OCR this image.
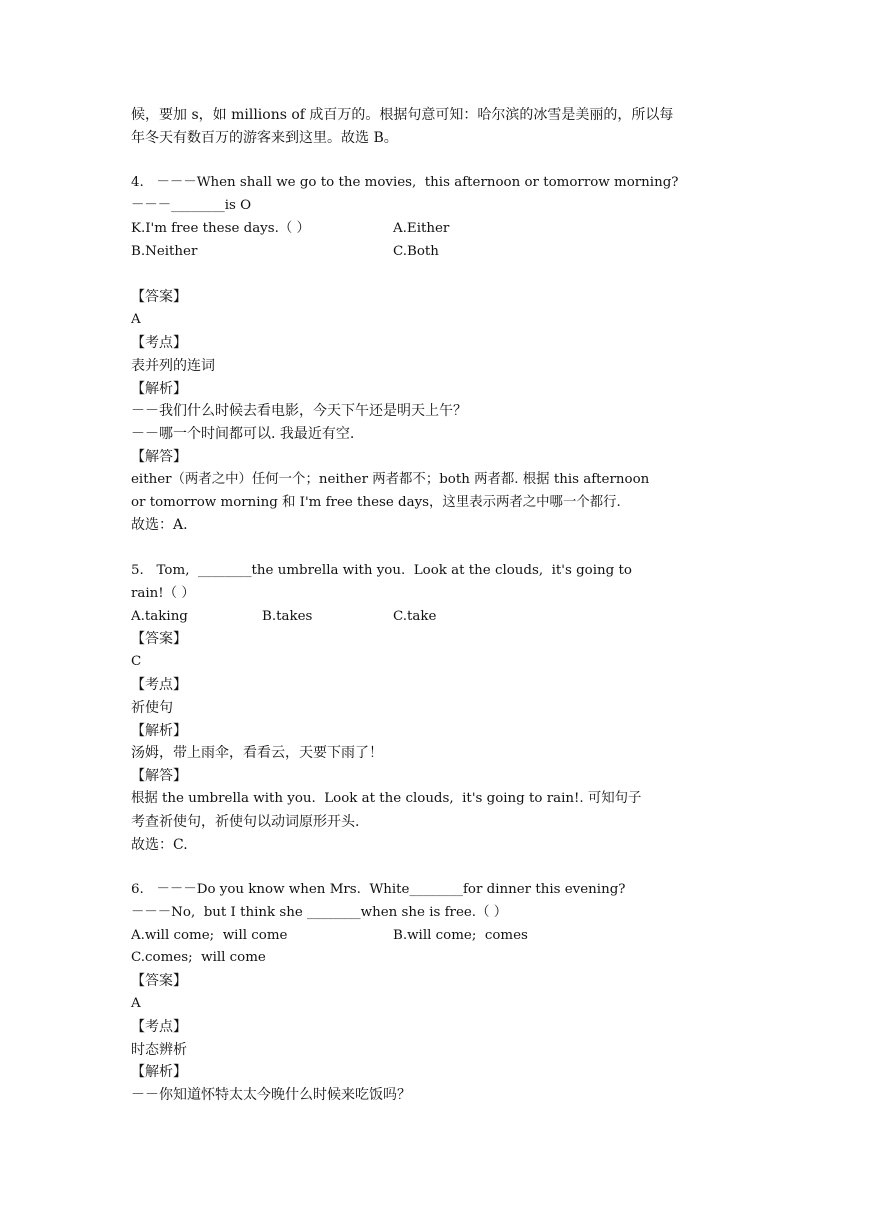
候，要加 s，如 millions of 成百万的。根据句意可知：哈尔滨的冰雪是美丽的，所以每
年冬天有数百万的游客来到这里。故选 B。
4.   －－－When shall we go to the movies,  this afternoon or tomorrow morning?
－－－________is O

K.I'm free these days.（ ）

	A.Either

B.Neither

	C.Both

【答案】
A
【考点】
表并列的连词
【解析】
－－我们什么时候去看电影，今天下午还是明天上午？
－－哪一个时间都可以. 我最近有空.
【解答】
either（两者之中）任何一个；neither 两者都不；both 两者都. 根据 this afternoon
or tomorrow morning 和 I'm free these days，这里表示两者之中哪一个都行.
故选：A.
5.   Tom,  ________the umbrella with you.  Look at the clouds,  it's going to
rain!（ ）

A.taking

	B.takes

	C.take

【答案】
C
【考点】
祈使句
【解析】
汤姆，带上雨伞，看看云，天要下雨了！
【解答】
根据 the umbrella with you.  Look at the clouds,  it's going to rain!. 可知句子
考查祈使句，祈使句以动词原形开头.
故选：C.
6.   －－－Do you know when Mrs.  White________for dinner this evening?
－－－No,  but I think she ________when she is free.（ ）

A.will come;  will come

	B.will come;  comes

C.comes;  will come
【答案】
A
【考点】
时态辨析
【解析】
－－你知道怀特太太今晚什么时候来吃饭吗？
